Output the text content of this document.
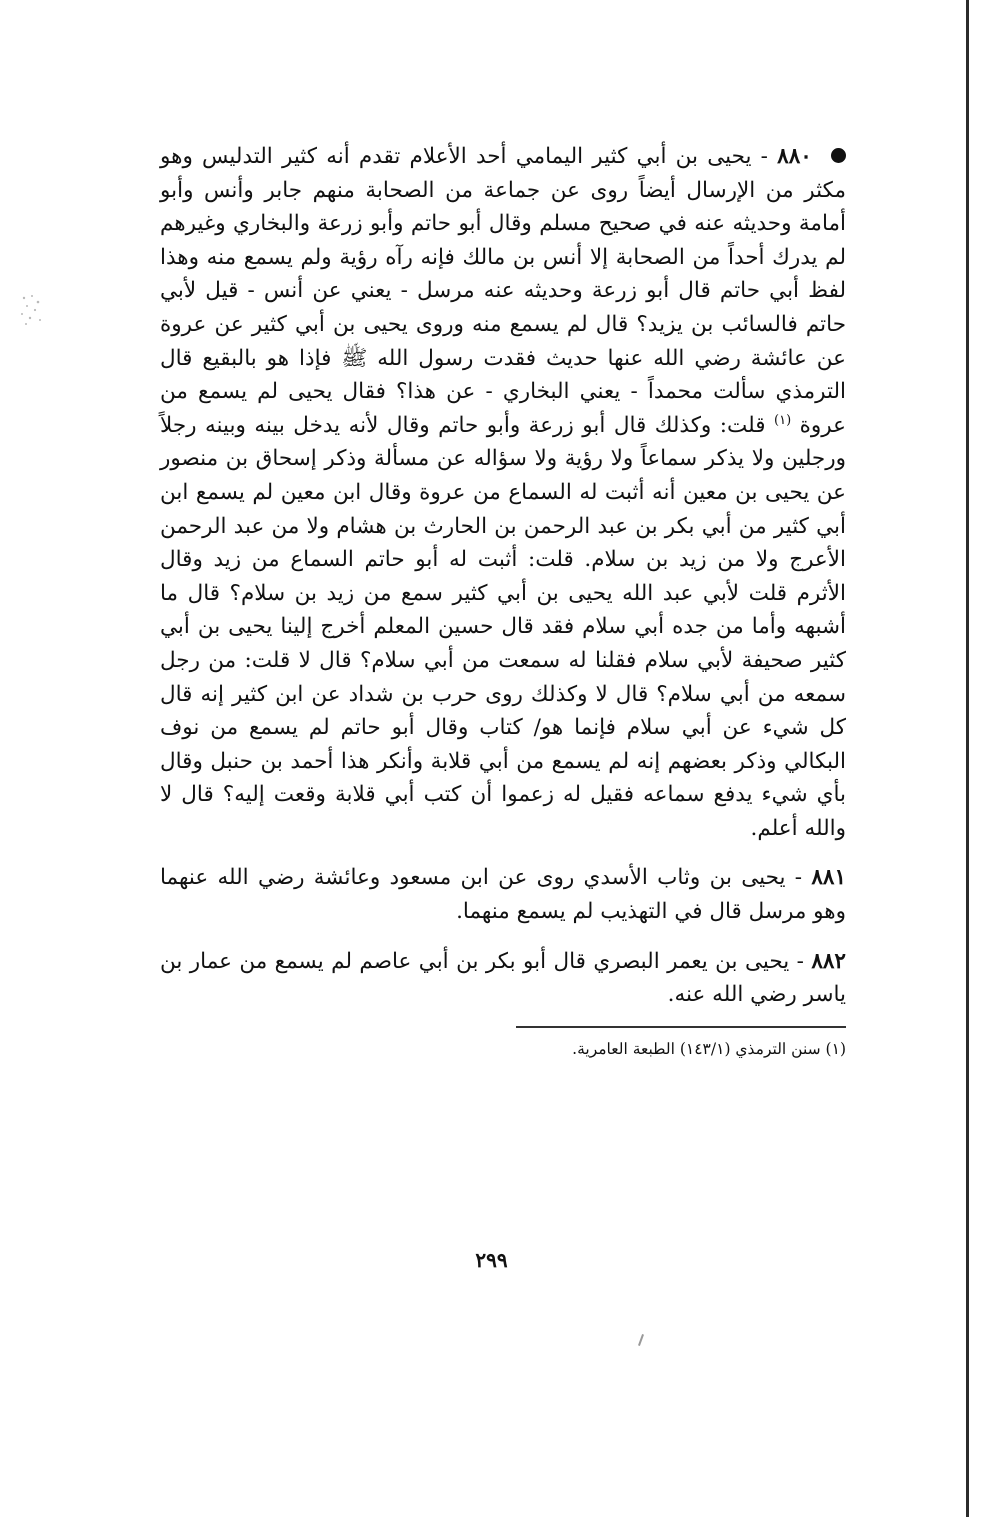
٨٨٠ - يحيى بن أبي كثير اليمامي أحد الأعلام تقدم أنه كثير التدليس وهو مكثر من الإرسال أيضاً روى عن جماعة من الصحابة منهم جابر وأنس وأبو أمامة وحديثه عنه في صحيح مسلم وقال أبو حاتم وأبو زرعة والبخاري وغيرهم لم يدرك أحداً من الصحابة إلا أنس بن مالك فإنه رآه رؤية ولم يسمع منه وهذا لفظ أبي حاتم قال أبو زرعة وحديثه عنه مرسل - يعني عن أنس - قيل لأبي حاتم فالسائب بن يزيد؟ قال لم يسمع منه وروى يحيى بن أبي كثير عن عروة عن عائشة رضي الله عنها حديث فقدت رسول الله ﷺ فإذا هو بالبقيع قال الترمذي سألت محمداً - يعني البخاري - عن هذا؟ فقال يحيى لم يسمع من عروة $^{(١)}$ قلت: وكذلك قال أبو زرعة وأبو حاتم وقال لأنه يدخل بينه وبينه رجلاً ورجلين ولا يذكر سماعاً ولا رؤية ولا سؤاله عن مسألة وذكر إسحاق بن منصور عن يحيى بن معين أنه أثبت له السماع من عروة وقال ابن معين لم يسمع ابن أبي كثير من أبي بكر بن عبد الرحمن بن الحارث بن هشام ولا من عبد الرحمن الأعرج ولا من زيد بن سلام. قلت: أثبت له أبو حاتم السماع من زيد وقال الأثرم قلت لأبي عبد الله يحيى بن أبي كثير سمع من زيد بن سلام؟ قال ما أشبهه وأما من جده أبي سلام فقد قال حسين المعلم أخرج إلينا يحيى بن أبي كثير صحيفة لأبي سلام فقلنا له سمعت من أبي سلام؟ قال لا قلت: من رجل سمعه من أبي سلام؟ قال لا وكذلك روى حرب بن شداد عن ابن كثير إنه قال كل شيء عن أبي سلام فإنما هو/ كتاب وقال أبو حاتم لم يسمع من نوف البكالي وذكر بعضهم إنه لم يسمع من أبي قلابة وأنكر هذا أحمد بن حنبل وقال بأي شيء يدفع سماعه فقيل له زعموا أن كتب أبي قلابة وقعت إليه؟ قال لا والله أعلم.

٨٨١ - يحيى بن وثاب الأسدي روى عن ابن مسعود وعائشة رضي الله عنهما وهو مرسل قال في التهذيب لم يسمع منهما.

٨٨٢ - يحيى بن يعمر البصري قال أبو بكر بن أبي عاصم لم يسمع من عمار بن ياسر رضي الله عنه.

(١) سنن الترمذي (١٤٣/١) الطبعة العامرية.
٢٩٩
